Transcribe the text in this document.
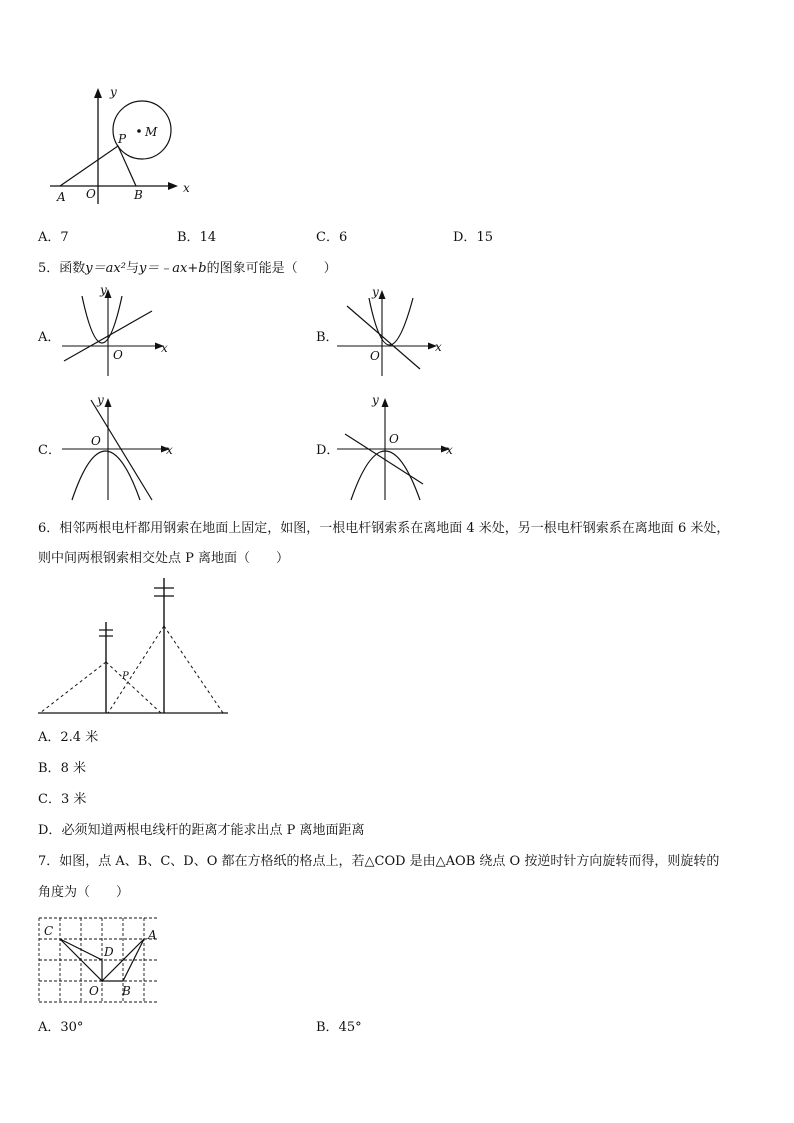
y
x
P M
O
A	B
A．7	B．14	C．6	D．15
5．函数y＝ax²与y＝﹣ax+b的图象可能是（　　）
A．
y
x
O
B．
y
x
O
C．
y
x
O
D．
y
x
O
6．相邻两根电杆都用钢索在地面上固定，如图，一根电杆钢索系在离地面 4 米处，另一根电杆钢索系在离地面 6 米处，
则中间两根钢索相交处点 P 离地面（　　）
P
A．2.4 米
B．8 米
C．3 米
D．必须知道两根电线杆的距离才能求出点 P 离地面距离
7．如图，点 A、B、C、D、O 都在方格纸的格点上，若△COD 是由△AOB 绕点 O 按逆时针方向旋转而得，则旋转的
角度为（　　）
C	A
D
O B
A．30°	B．45°
